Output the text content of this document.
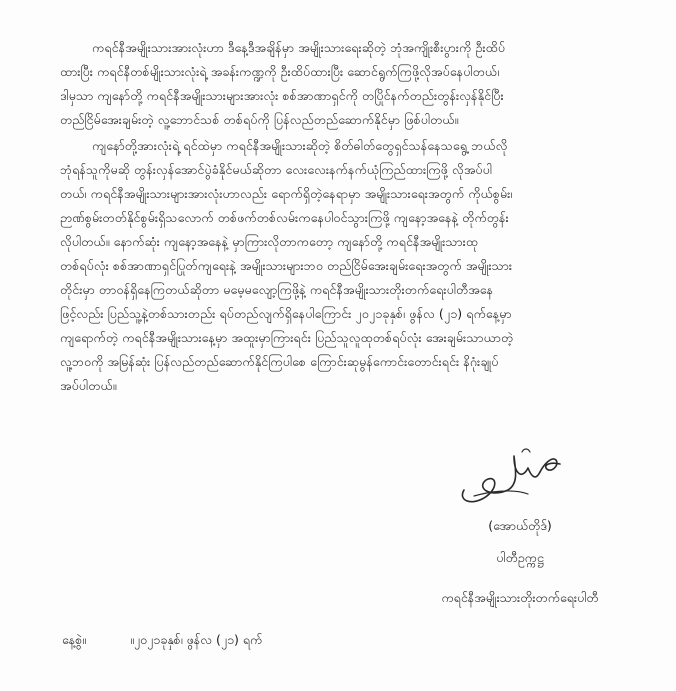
ကရင်နီအမျိုးသားအားလုံးဟာ ဒီနေ့ဒီအချိန်မှာ အမျိုးသားရေးဆိုတဲ့ ဘုံအကျိုးစီးပွားကို ဦးထိပ်
ထားပြီး ကရင်နီတစ်မျိုးသားလုံးရဲ့ အခန်းကဏ္ဍကို ဦးထိပ်ထားပြီး ဆောင်ရွက်ကြဖို့လိုအပ်နေပါတယ်၊
ဒါမှသာ ကျနော်တို့ ကရင်နီအမျိုးသားများအားလုံး စစ်အာဏာရှင်ကို တပြိုင်နက်တည်းတွန်းလှန်နိုင်ပြီး
တည်ငြိမ်အေးချမ်းတဲ့ လူ့ဘောင်သစ် တစ်ရပ်ကို ပြန်လည်တည်ဆောက်နိုင်မှာ ဖြစ်ပါတယ်။
ကျနော်တို့အားလုံးရဲ့ ရင်ထဲမှာ ကရင်နီအမျိုးသားဆိုတဲ့ စိတ်ဓါတ်တွေရှင်သန်နေသရွေ့ ဘယ်လို
ဘုံရန်သူကိုမဆို တွန်းလှန်အောင်ပွဲခံနိုင်မယ်ဆိုတာ လေးလေးနက်နက်ယုံကြည်ထားကြဖို့ လိုအပ်ပါ
တယ်၊ ကရင်နီအမျိုးသားများအားလုံးဟာလည်း ရောက်ရှိတဲ့နေရာမှာ အမျိုးသားရေးအတွက် ကိုယ်စွမ်း၊
ဉာဏ်စွမ်းတတ်နိုင်စွမ်းရှိသလောက် တစ်ဖက်တစ်လမ်းကနေပါဝင်သွားကြဖို့ ကျနော့အနေနဲ့ တိုက်တွန်း
လိုပါတယ်။ နောက်ဆုံး ကျနော့အနေနဲ့ မှာကြားလိုတာကတော့ ကျနော်တို့ ကရင်နီအမျိုးသားထု
တစ်ရပ်လုံး စစ်အာဏာရှင်ပြုတ်ကျရေးနဲ့ အမျိုးသားများဘဝ တည်ငြိမ်အေးချမ်းရေးအတွက် အမျိုးသား
တိုင်းမှာ တာဝန်ရှိနေကြတယ်ဆိုတာ မမေ့မလျော့ကြဖို့နဲ့ ကရင်နီအမျိုးသားတိုးတက်ရေးပါတီအနေ
ဖြင့်လည်း ပြည်သူ့နဲ့တစ်သားတည်း ရပ်တည်လျက်ရှိနေပါကြောင်း ၂၀၂၁ခုနှစ်၊ ဖွန်လ (၂၁) ရက်နေ့မှာ
ကျရောက်တဲ့ ကရင်နီအမျိုးသားနေ့မှာ အထူးမှာကြားရင်း ပြည်သူလူထုတစ်ရပ်လုံး အေးချမ်းသာယာတဲ့
လူ့ဘဝကို အမြန်ဆုံး ပြန်လည်တည်ဆောက်နိုင်ကြပါစေ ကြောင်းဆုမွန်ကောင်းတောင်းရင်း နိဂုံးချုပ်
အပ်ပါတယ်။
(အောယ်တိုဒ်)
ပါတီဥက္ကဋ္ဌ
ကရင်နီအမျိုးသားတိုးတက်ရေးပါတီ
နေ့စွဲ။	။၂၀၂၁ခုနှစ်၊ ဖွန်လ (၂၁) ရက်
